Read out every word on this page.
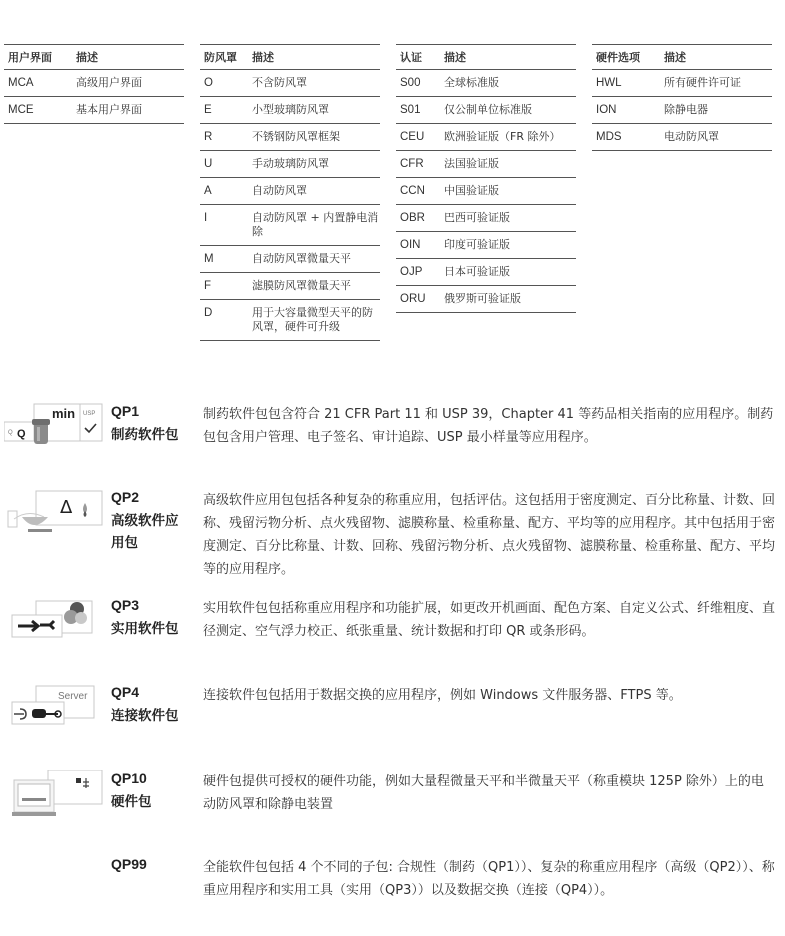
用户界面	描述
MCA	高级用户界面
MCE	基本用户界面
防风罩	描述
O	不含防风罩
E	小型玻璃防风罩
R	不锈钢防风罩框架
U	手动玻璃防风罩
A	自动防风罩
I	自动防风罩 + 内置静电消除
M	自动防风罩微量天平
F	滤膜防风罩微量天平
D	用于大容量微型天平的防风罩，硬件可升级
认证	描述
S00	全球标准版
S01	仅公制单位标准版
CEU	欧洲验证版（FR 除外）
CFR	法国验证版
CCN	中国验证版
OBR	巴西可验证版
OIN	印度可验证版
OJP	日本可验证版
ORU	俄罗斯可验证版
硬件选项	描述
HWL	所有硬件许可证
ION	除静电器
MDS	电动防风罩
min USP
Q Q
QP1
制药软件包
制药软件包包含符合 21 CFR Part 11 和 USP 39，Chapter 41 等药品相关指南的应用程序。制药包包含用户管理、电子签名、审计追踪、USP 最小样量等应用程序。
Δ	QP2
高级软件应用包
高级软件应用包包括各种复杂的称重应用，包括评估。这包括用于密度测定、百分比称量、计数、回称、残留污物分析、点火残留物、滤膜称量、检重称量、配方、平均等的应用程序。其中包括用于密度测定、百分比称量、计数、回称、残留污物分析、点火残留物、滤膜称量、检重称量、配方、平均等的应用程序。
QP3
实用软件包
实用软件包包括称重应用程序和功能扩展，如更改开机画面、配色方案、自定义公式、纤维粗度、直径测定、空气浮力校正、纸张重量、统计数据和打印 QR 或条形码。
Server QP4
连接软件包
连接软件包包括用于数据交换的应用程序，例如 Windows 文件服务器、FTPS 等。
QP10
硬件包
硬件包提供可授权的硬件功能，例如大量程微量天平和半微量天平（称重模块 125P 除外）上的电动防风罩和除静电装置
QP99	全能软件包包括 4 个不同的子包: 合规性（制药（QP1））、复杂的称重应用程序（高级（QP2））、称重应用程序和实用工具（实用（QP3））以及数据交换（连接（QP4））。
